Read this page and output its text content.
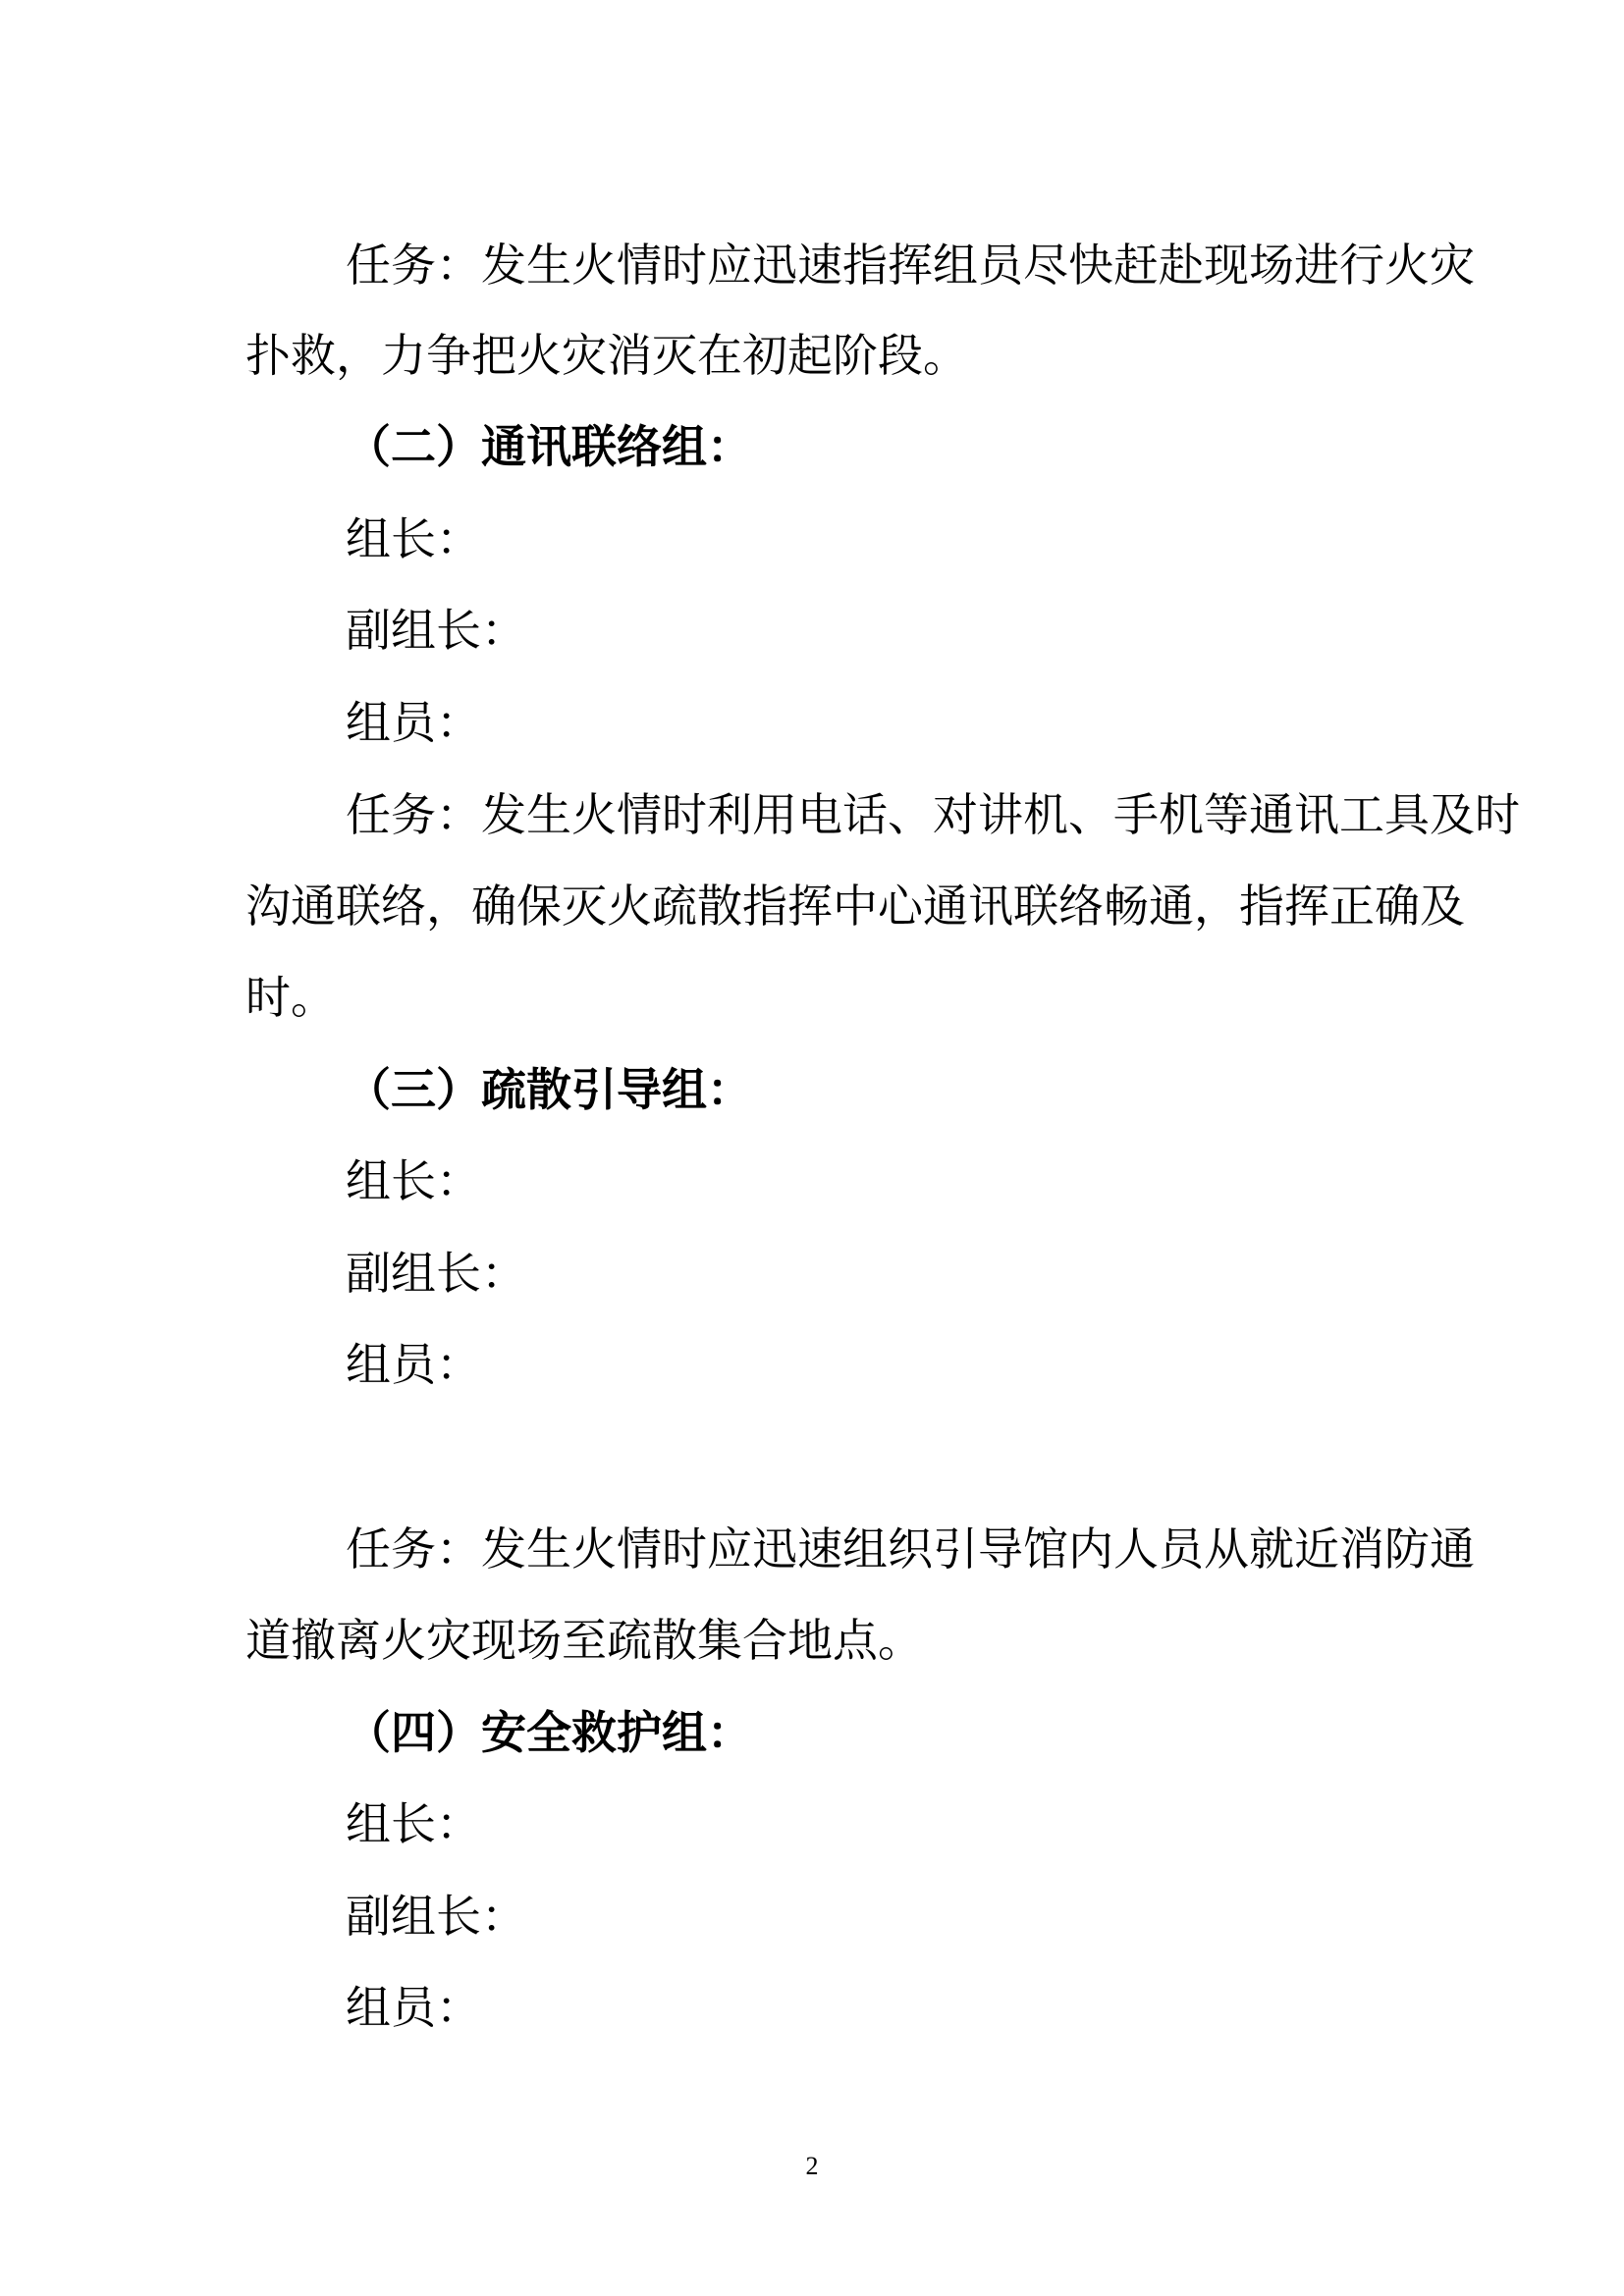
任务：发生火情时应迅速指挥组员尽快赶赴现场进行火灾
扑救，力争把火灾消灭在初起阶段。
（二）通讯联络组：
组长：
副组长：
组员：
任务：发生火情时利用电话、对讲机、手机等通讯工具及时
沟通联络，确保灭火疏散指挥中心通讯联络畅通，指挥正确及
时。
（三）疏散引导组：
组长：
副组长：
组员：
任务：发生火情时应迅速组织引导馆内人员从就近消防通
道撤离火灾现场至疏散集合地点。
（四）安全救护组：
组长：
副组长：
组员：
2
